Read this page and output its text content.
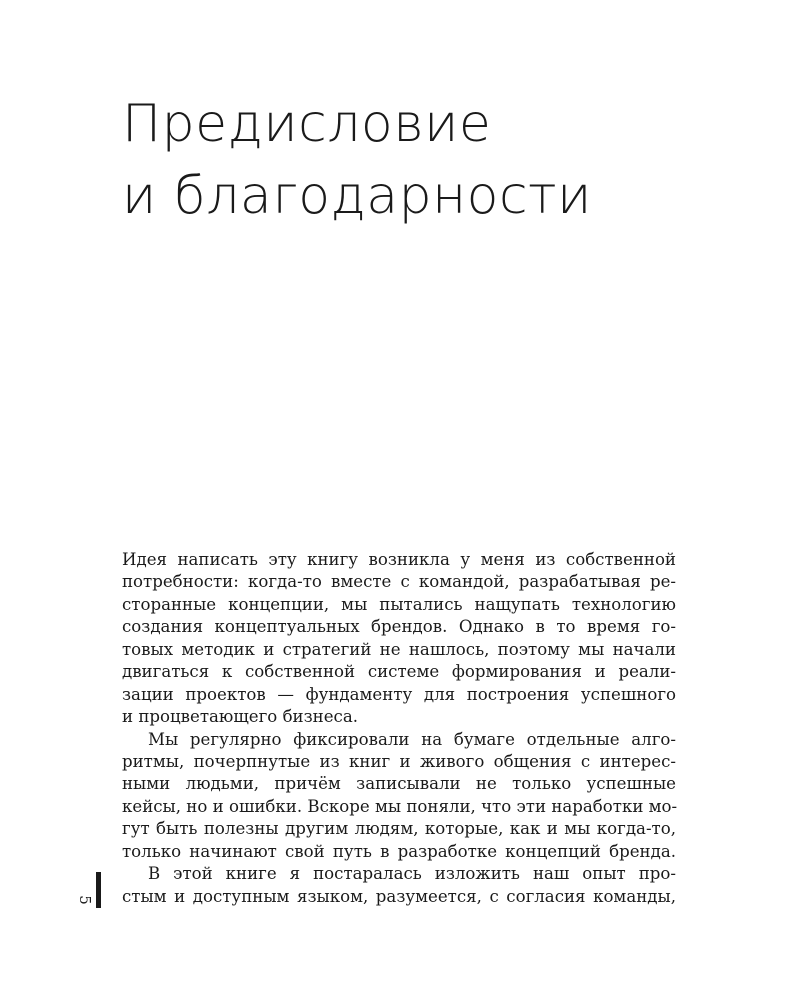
Предисловие
и благодарности
Идея написать эту книгу возникла у меня из собственной
потребности: когда-то вместе с командой, разрабатывая ре-
сторанные концепции, мы пытались нащупать технологию
создания концептуальных брендов. Однако в то время го-
товых методик и стратегий не нашлось, поэтому мы начали
двигаться к собственной системе формирования и реали-
зации проектов — фундаменту для построения успешного
и процветающего бизнеса.
Мы регулярно фиксировали на бумаге отдельные алго-
ритмы, почерпнутые из книг и живого общения с интерес-
ными людьми, причём записывали не только успешные
кейсы, но и ошибки. Вскоре мы поняли, что эти наработки мо-
гут быть полезны другим людям, которые, как и мы когда-то,
только начинают свой путь в разработке концепций бренда.
В этой книге я постаралась изложить наш опыт про-
стым и доступным языком, разумеется, с согласия команды,
5
